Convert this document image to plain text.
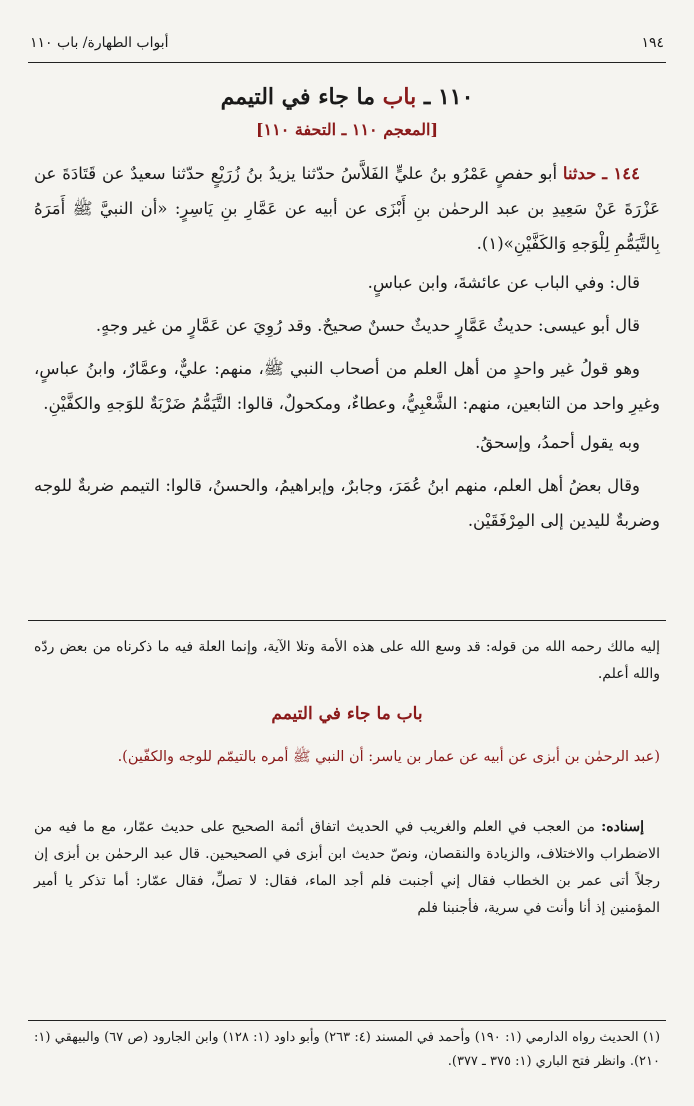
١٩٤
أبواب الطهارة/ باب ١١٠
١١٠ ـ باب ما جاء في التيمم
[المعجم ١١٠ ـ التحفة ١١٠]

١٤٤ ـ حدثنا أبو حفصٍ عَمْرُو بنُ عليٍّ الفَلاَّسُ حدّثنا يزيدُ بنُ زُرَيْعٍ حدّثنا سعيدٌ عن قَتَادَةَ عن عَزْرَةَ عَنْ سَعِيدِ بن عبد الرحمٰن بنِ أَبْزَى عن أبيه عن عَمَّارِ بنِ يَاسِرٍ: «أن النبيَّ ﷺ أَمَرَهُ بِالتَّيَمُّمِ لِلْوَجهِ وَالكَفَّيْنِ»(١).

قال: وفي الباب عن عائشةَ، وابن عباسٍ.

قال أبو عيسى: حديثُ عَمَّارٍ حديثٌ حسنٌ صحيحٌ. وقد رُوِيَ عن عَمَّارٍ من غير وجهٍ.

وهو قولُ غير واحدٍ من أهل العلم من أصحاب النبي ﷺ، منهم: عليٌّ، وعمَّارٌ، وابنُ عباسٍ، وغيرِ واحد من التابعين، منهم: الشَّعْبِيُّ، وعطاءٌ، ومكحولٌ، قالوا: التَّيَمُّمُ ضَرْبَةٌ للوَجهِ والكفَّيْنِ.

وبه يقول أحمدُ، وإسحقُ.

وقال بعضُ أهل العلم، منهم ابنُ عُمَرَ، وجابرٌ، وإبراهيمُ، والحسنُ، قالوا: التيمم ضربةٌ للوجه وضربةٌ لليدين إلى المِرْفَقَيْن.

إليه مالك رحمه الله من قوله: قد وسع الله على هذه الأمة وتلا الآية، وإنما العلة فيه ما ذكرناه من بعض ردّه والله أعلم.

باب ما جاء في التيمم
(عبد الرحمٰن بن أبزى عن أبيه عن عمار بن ياسر: أن النبي ﷺ أمره بالتيمّم للوجه والكفّين).

إسناده: من العجب في العلم والغريب في الحديث اتفاق أئمة الصحيح على حديث عمّار، مع ما فيه من الاضطراب والاختلاف، والزيادة والنقصان، ونصّ حديث ابن أبزى في الصحيحين. قال عبد الرحمٰن بن أبزى إن رجلاً أتى عمر بن الخطاب فقال إني أجنبت فلم أجد الماء، فقال: لا تصلِّ، فقال عمّار: أما تذكر يا أمير المؤمنين إذ أنا وأنت في سرية، فأجنبنا فلم

(١) الحديث رواه الدارمي (١: ١٩٠) وأحمد في المسند (٤: ٢٦٣) وأبو داود (١: ١٢٨) وابن الجارود (ص ٦٧) والبيهقي (١: ٢١٠). وانظر فتح الباري (١: ٣٧٥ ـ ٣٧٧).
